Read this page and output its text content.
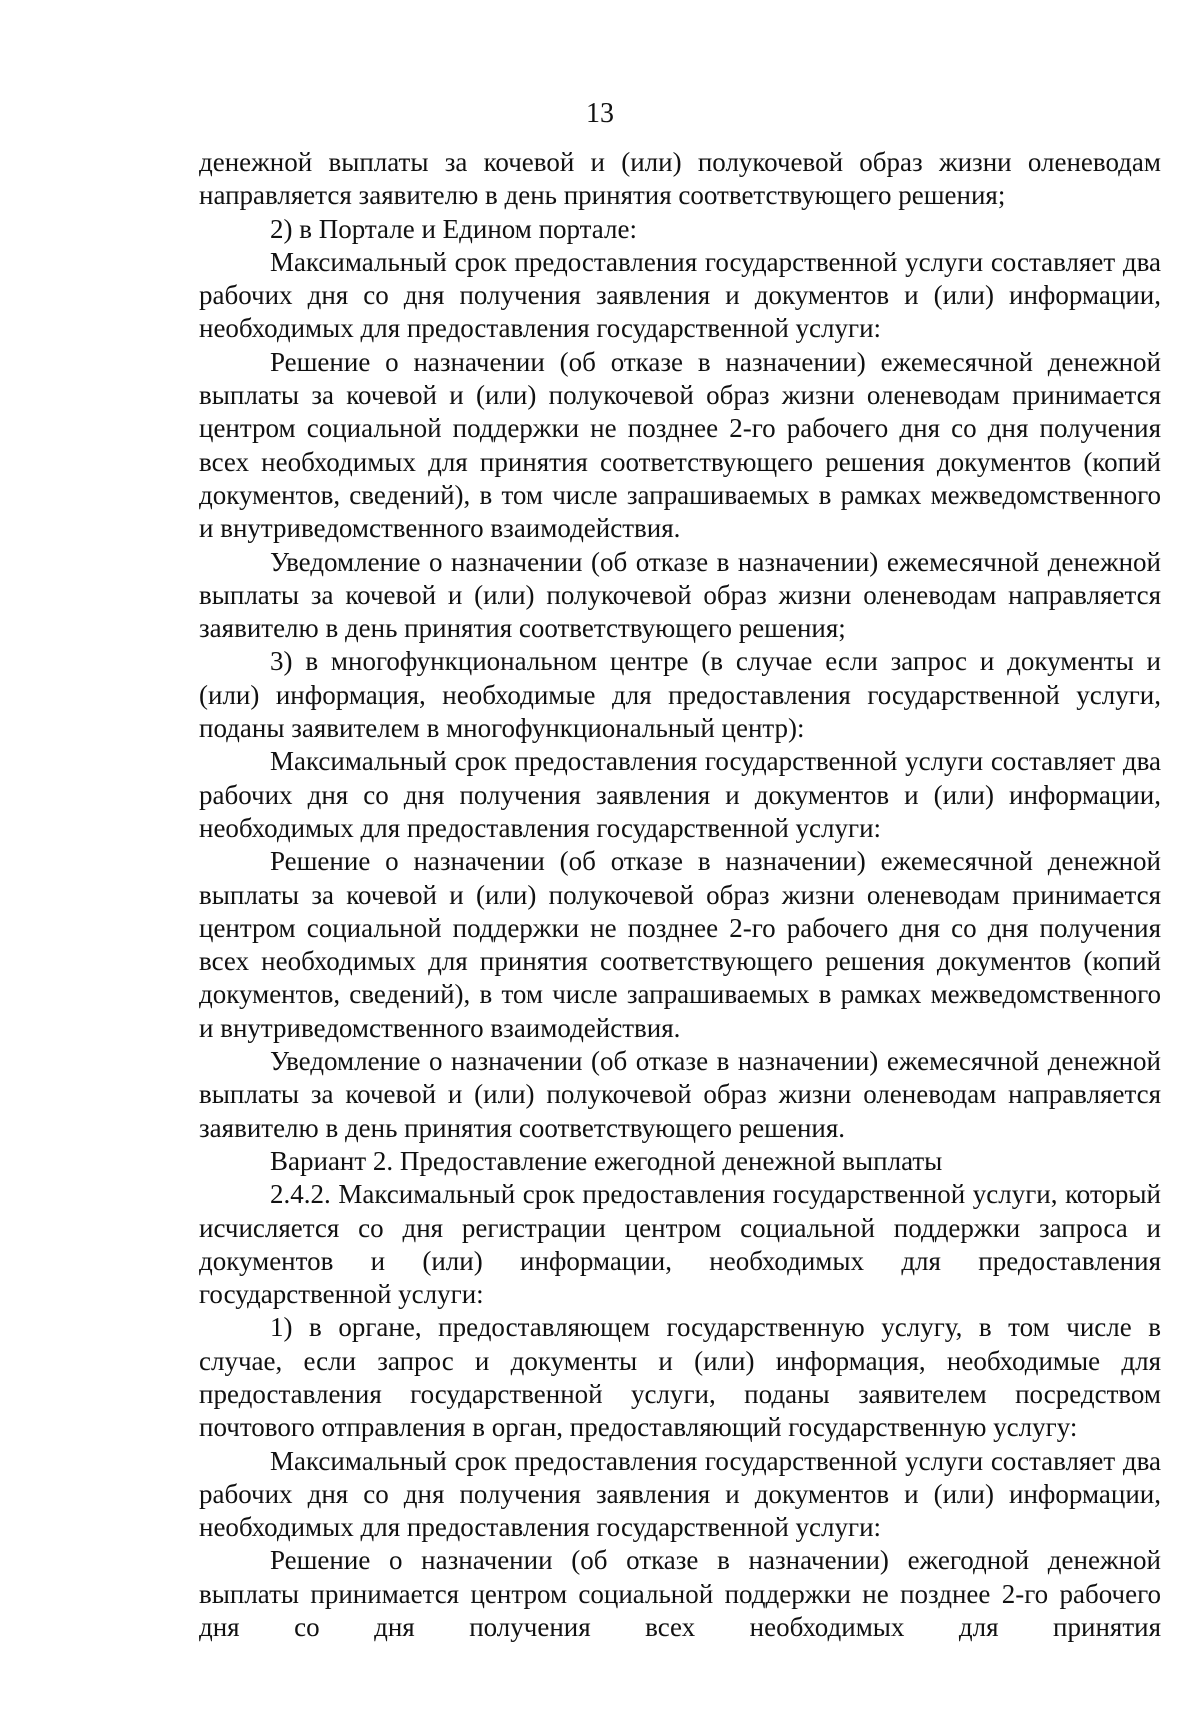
13

денежной выплаты за кочевой и (или) полукочевой образ жизни оленеводам направляется заявителю в день принятия соответствующего решения;

2) в Портале и Едином портале:

Максимальный срок предоставления государственной услуги составляет два рабочих дня со дня получения заявления и документов и (или) информации, необходимых для предоставления государственной услуги:

Решение о назначении (об отказе в назначении) ежемесячной денежной выплаты за кочевой и (или) полукочевой образ жизни оленеводам принимается центром социальной поддержки не позднее 2-го рабочего дня со дня получения всех необходимых для принятия соответствующего решения документов (копий документов, сведений), в том числе запрашиваемых в рамках межведомственного и внутриведомственного взаимодействия.

Уведомление о назначении (об отказе в назначении) ежемесячной денежной выплаты за кочевой и (или) полукочевой образ жизни оленеводам направляется заявителю в день принятия соответствующего решения;

3) в многофункциональном центре (в случае если запрос и документы и (или) информация, необходимые для предоставления государственной услуги, поданы заявителем в многофункциональный центр):

Максимальный срок предоставления государственной услуги составляет два рабочих дня со дня получения заявления и документов и (или) информации, необходимых для предоставления государственной услуги:

Решение о назначении (об отказе в назначении) ежемесячной денежной выплаты за кочевой и (или) полукочевой образ жизни оленеводам принимается центром социальной поддержки не позднее 2-го рабочего дня со дня получения всех необходимых для принятия соответствующего решения документов (копий документов, сведений), в том числе запрашиваемых в рамках межведомственного и внутриведомственного взаимодействия.

Уведомление о назначении (об отказе в назначении) ежемесячной денежной выплаты за кочевой и (или) полукочевой образ жизни оленеводам направляется заявителю в день принятия соответствующего решения.

Вариант 2. Предоставление ежегодной денежной выплаты

2.4.2. Максимальный срок предоставления государственной услуги, который исчисляется со дня регистрации центром социальной поддержки запроса и документов и (или) информации, необходимых для предоставления государственной услуги:

1) в органе, предоставляющем государственную услугу, в том числе в случае, если запрос и документы и (или) информация, необходимые для предоставления государственной услуги, поданы заявителем посредством почтового отправления в орган, предоставляющий государственную услугу:

Максимальный срок предоставления государственной услуги составляет два рабочих дня со дня получения заявления и документов и (или) информации, необходимых для предоставления государственной услуги:

Решение о назначении (об отказе в назначении) ежегодной денежной выплаты принимается центром социальной поддержки не позднее 2-го рабочего дня со дня получения всех необходимых для принятия
